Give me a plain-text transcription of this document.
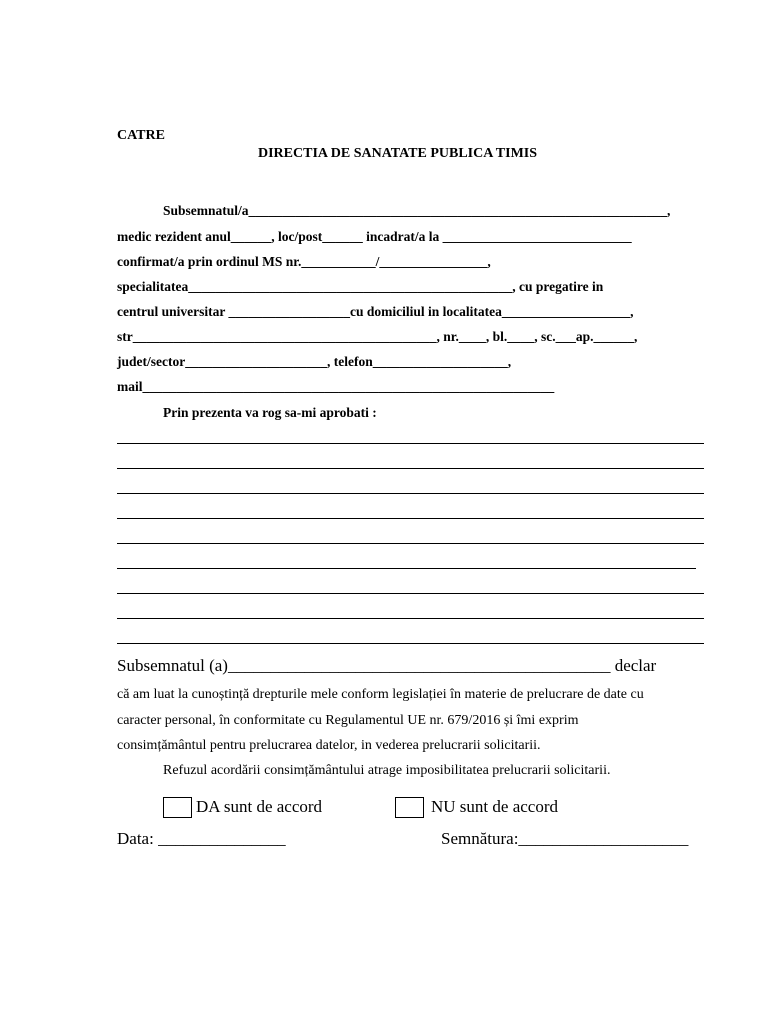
CATRE
DIRECTIA DE SANATATE PUBLICA TIMIS
Subsemnatul/a______________________________________________________________,
medic rezident anul______, loc/post______ incadrat/a la ____________________________
confirmat/a prin ordinul MS nr.___________/________________,
specialitatea________________________________________________, cu pregatire in
centrul universitar __________________cu domiciliul in localitatea___________________,
str_____________________________________________, nr.____, bl.____, sc.___ap.______,
judet/sector_____________________, telefon____________________,
mail_____________________________________________________________
Prin prezenta va rog sa-mi aprobati :
Subsemnatul (a)_____________________________________________ declar
că am luat la cunoștință drepturile mele conform legislației în materie de prelucrare de date cu
caracter personal, în conformitate cu Regulamentul UE nr. 679/2016 și îmi exprim
consimțământul pentru prelucrarea datelor, in vederea prelucrarii solicitarii.
Refuzul acordării consimțământului atrage imposibilitatea prelucrarii solicitarii.
DA sunt de accord	NU sunt de accord
Data: _______________	Semnătura:____________________
